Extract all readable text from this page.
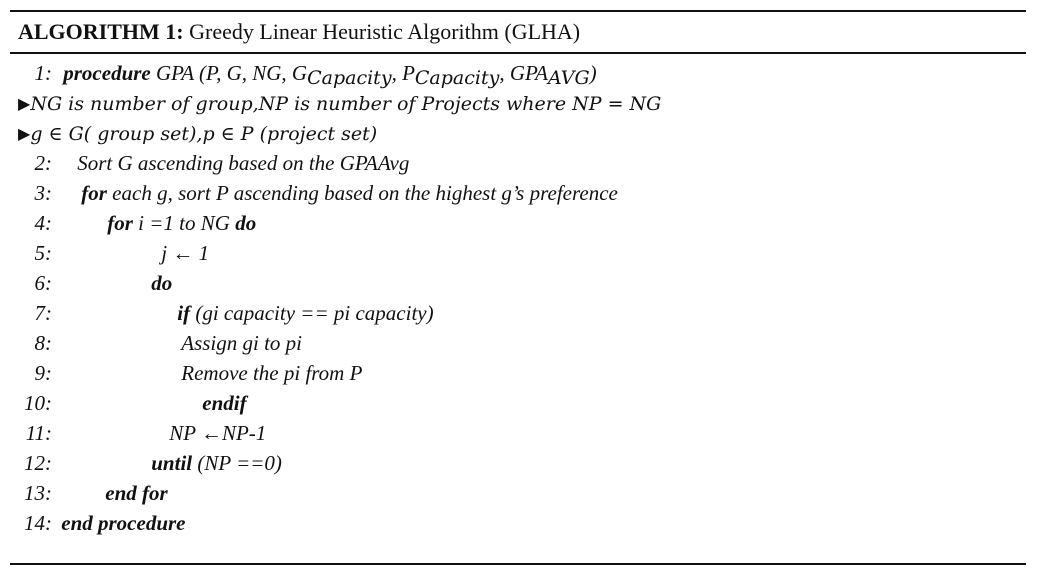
ALGORITHM 1: Greedy Linear Heuristic Algorithm (GLHA)
1: procedure GPA (P, G, NG, $G_{Capacity}$, $P_{Capacity}$, $GPA_{AVG}$)
▶NG is number of group,NP is number of Projects where NP = NG
▶g ∈ G( group set),p ∈ P (project set)
2: Sort G ascending based on the GPAAvg
3: for each g, sort P ascending based on the highest g’s preference
4:	for i =1 to NG do
5:	j ← 1
6:	do
7:	if (gi capacity == pi capacity)
8:	Assign gi to pi
9:	Remove the pi from P
10:	endif
11:	NP ←NP-1
12:	until (NP ==0)
13:	end for
14: end procedure
